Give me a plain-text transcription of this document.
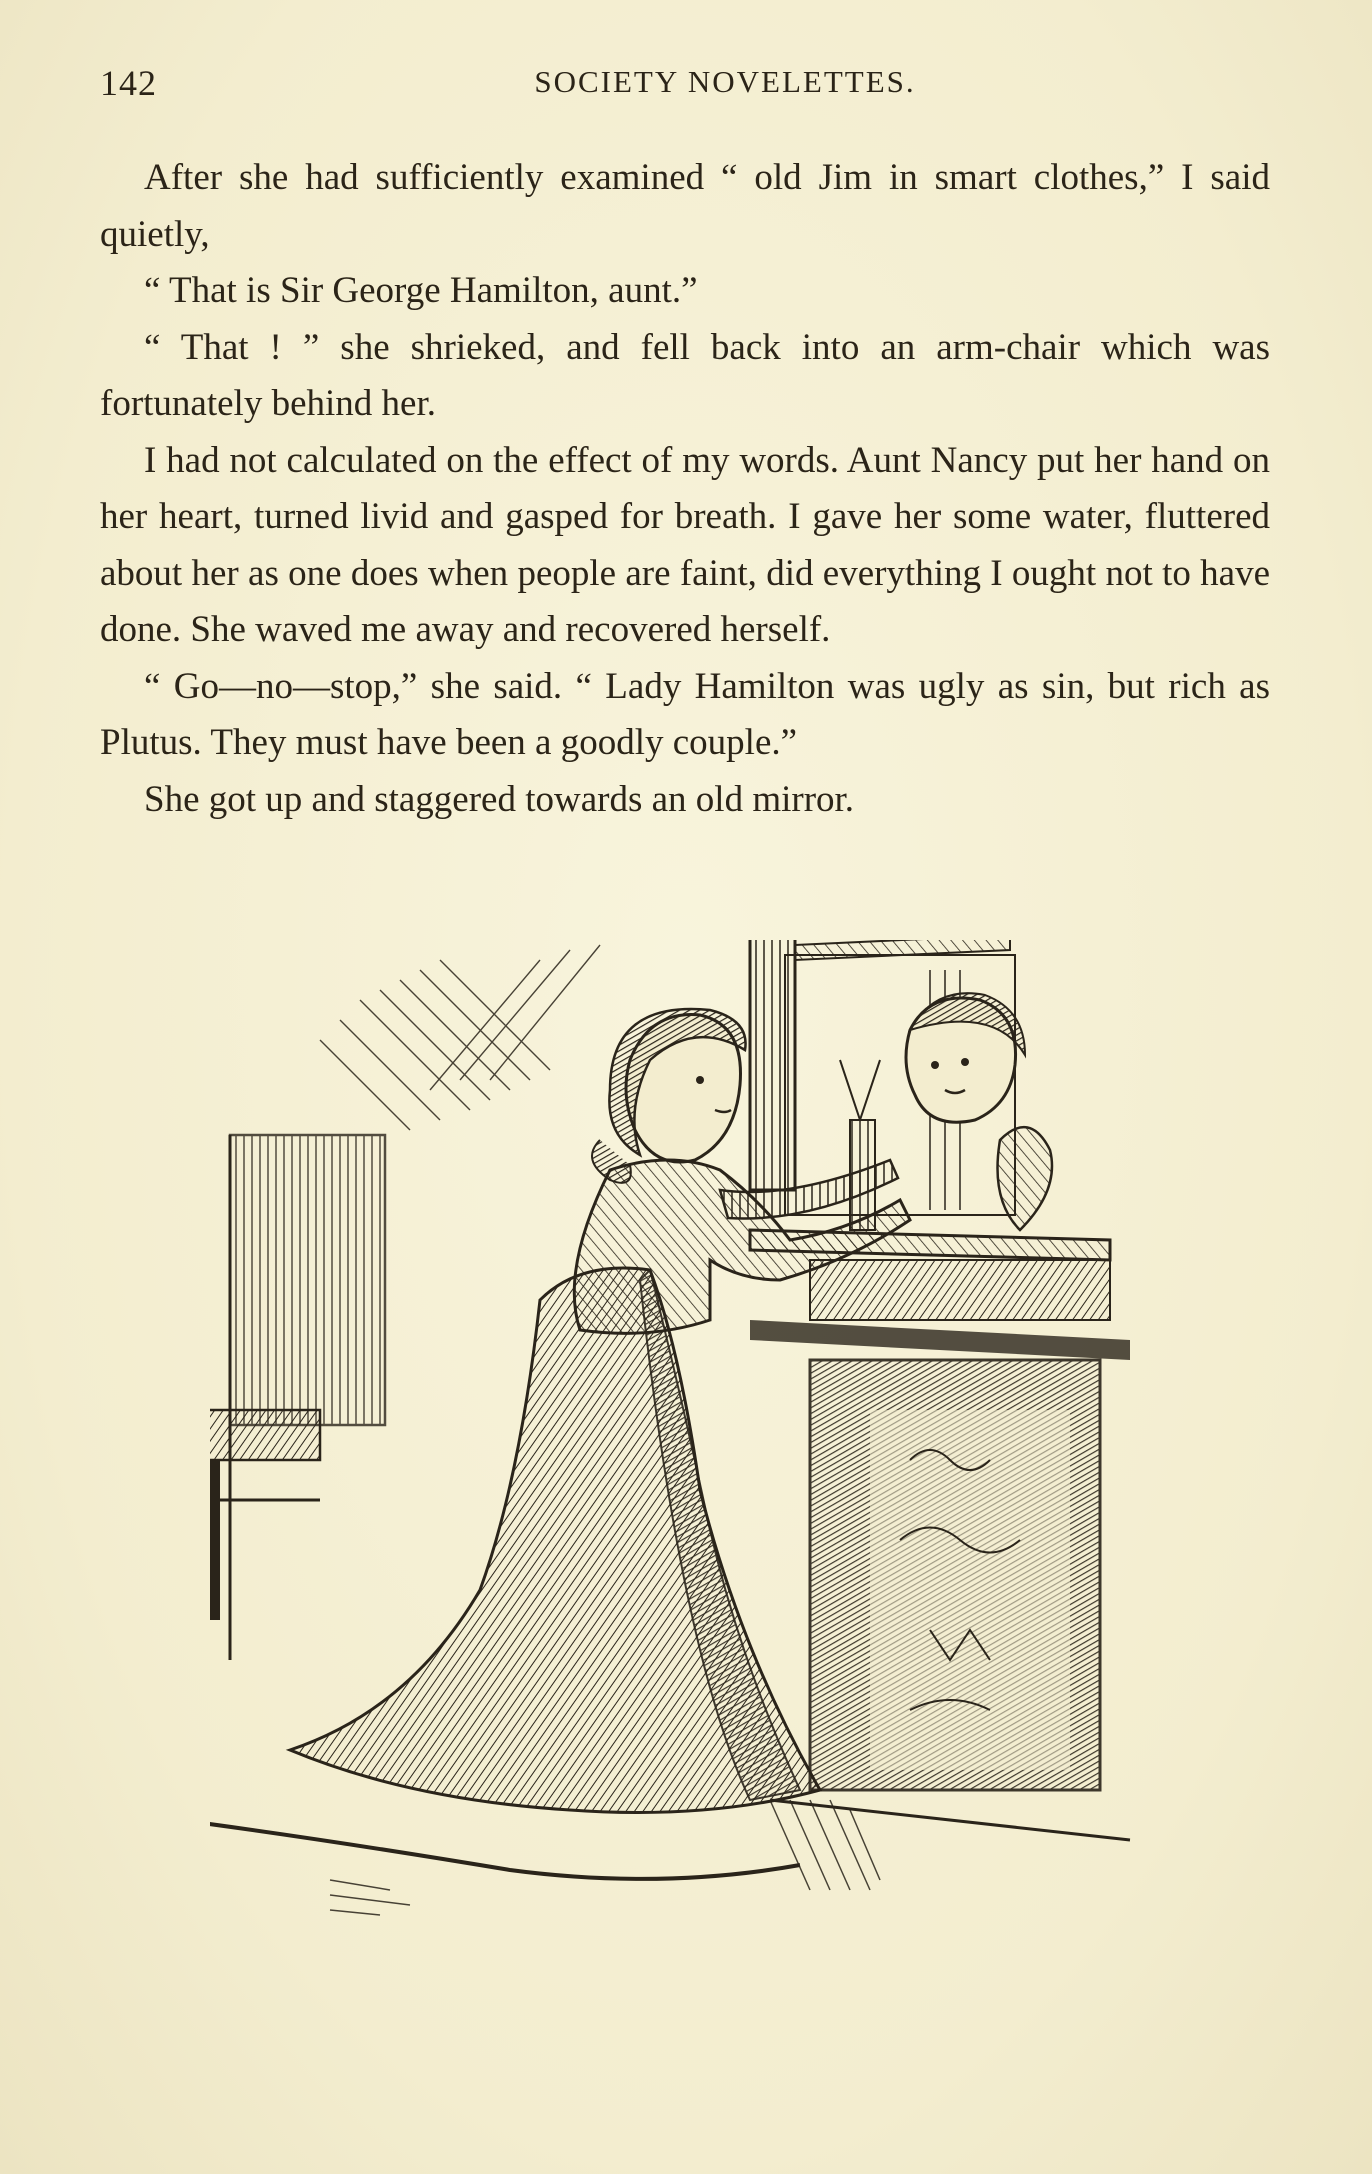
142	SOCIETY NOVELETTES.

After she had sufficiently examined “ old Jim in smart clothes,” I said quietly,

“ That is Sir George Hamilton, aunt.”

“ That ! ” she shrieked, and fell back into an arm-chair which was fortunately behind her.

I had not calculated on the effect of my words. Aunt Nancy put her hand on her heart, turned livid and gasped for breath. I gave her some water, fluttered about her as one does when people are faint, did everything I ought not to have done. She waved me away and recovered herself.

“ Go—no—stop,” she said. “ Lady Hamilton was ugly as sin, but rich as Plutus. They must have been a goodly couple.”

She got up and staggered towards an old mirror.
